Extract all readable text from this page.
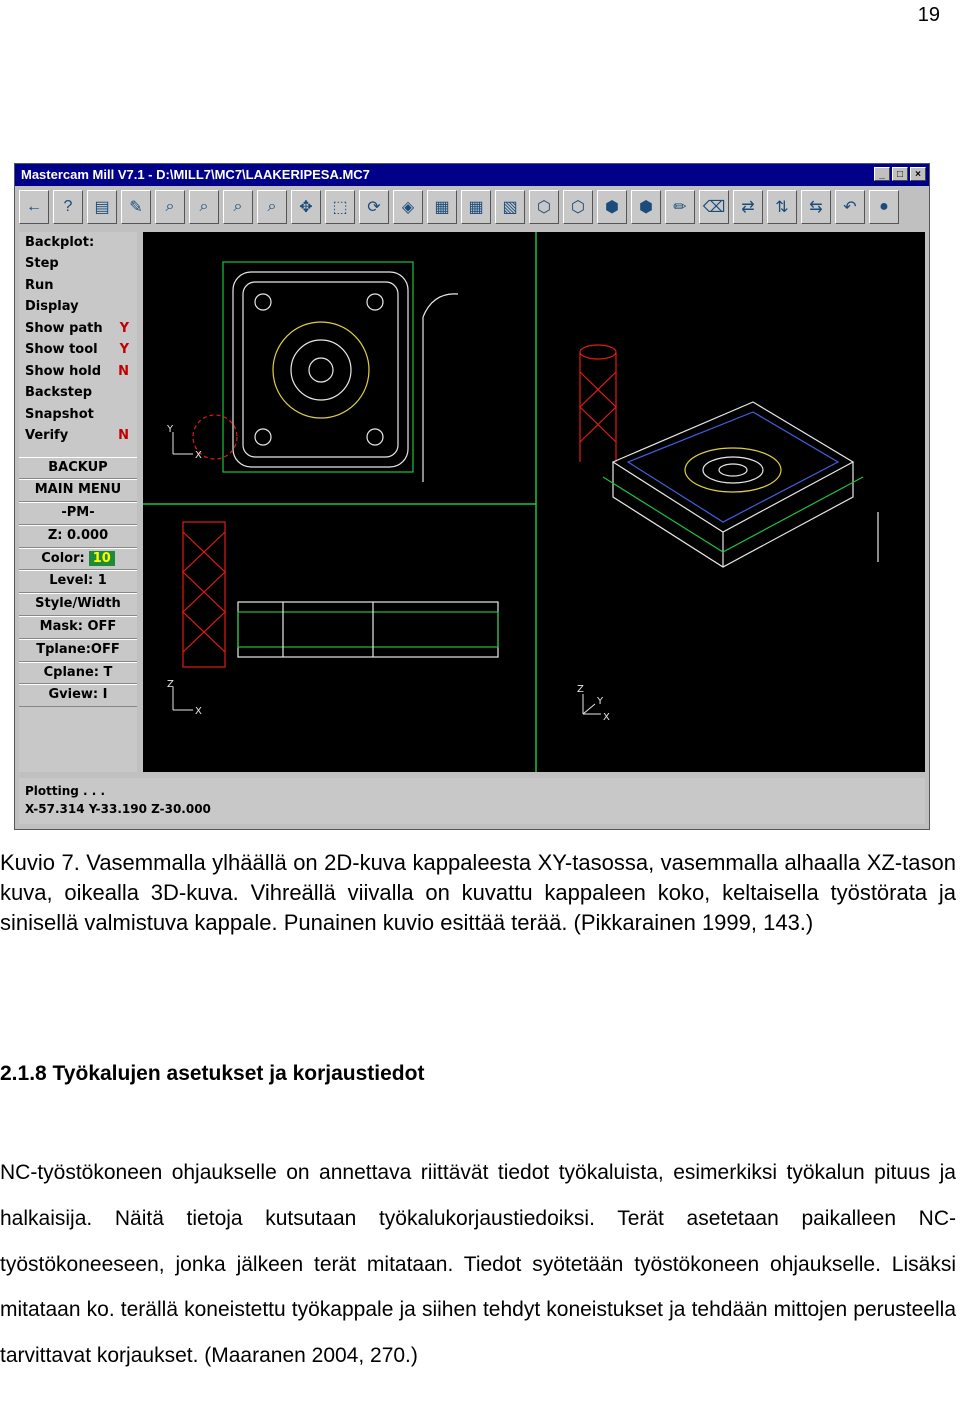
19
Mastercam Mill V7.1 - D:\MILL7\MC7\LAAKERIPESA.MC7	_	□	×
←	?	▤	✎	⌕	⌕	⌕	⌕	✥	⬚	⟳	◈	▦	▦	▧	⬡	⬡	⬢	⬢	✏ ⌫ ⇄	⇅	⇆	↶	●
Backplot:
Step
Run
Display
Show path Y
Show tool Y
Show hold N
Backstep
Snapshot
Verify	N
BACKUP
MAIN MENU
-PM-
Z: 0.000
Color: 10
Level: 1
Style/Width
Mask: OFF
Tplane:OFF
Cplane: T
Gview: I
Y
X
Z
X
Z
Y
X
Plotting . . .
X-57.314 Y-33.190 Z-30.000
Kuvio 7. Vasemmalla ylhäällä on 2D-kuva kappaleesta XY-tasossa, vasemmalla alhaalla XZ-tason kuva, oikealla 3D-kuva. Vihreällä viivalla on kuvattu kappaleen koko, keltaisella työstörata ja sinisellä valmistuva kappale. Punainen kuvio esittää terää. (Pikkarainen 1999, 143.)
2.1.8 Työkalujen asetukset ja korjaustiedot
NC-työstökoneen ohjaukselle on annettava riittävät tiedot työkaluista, esimerkiksi työkalun pituus ja halkaisija. Näitä tietoja kutsutaan työkalukorjaustiedoiksi. Terät asetetaan paikalleen NC-työstökoneeseen, jonka jälkeen terät mitataan. Tiedot syötetään työstökoneen ohjaukselle. Lisäksi mitataan ko. terällä koneistettu työkappale ja siihen tehdyt koneistukset ja tehdään mittojen perusteella tarvittavat korjaukset. (Maaranen 2004, 270.)
